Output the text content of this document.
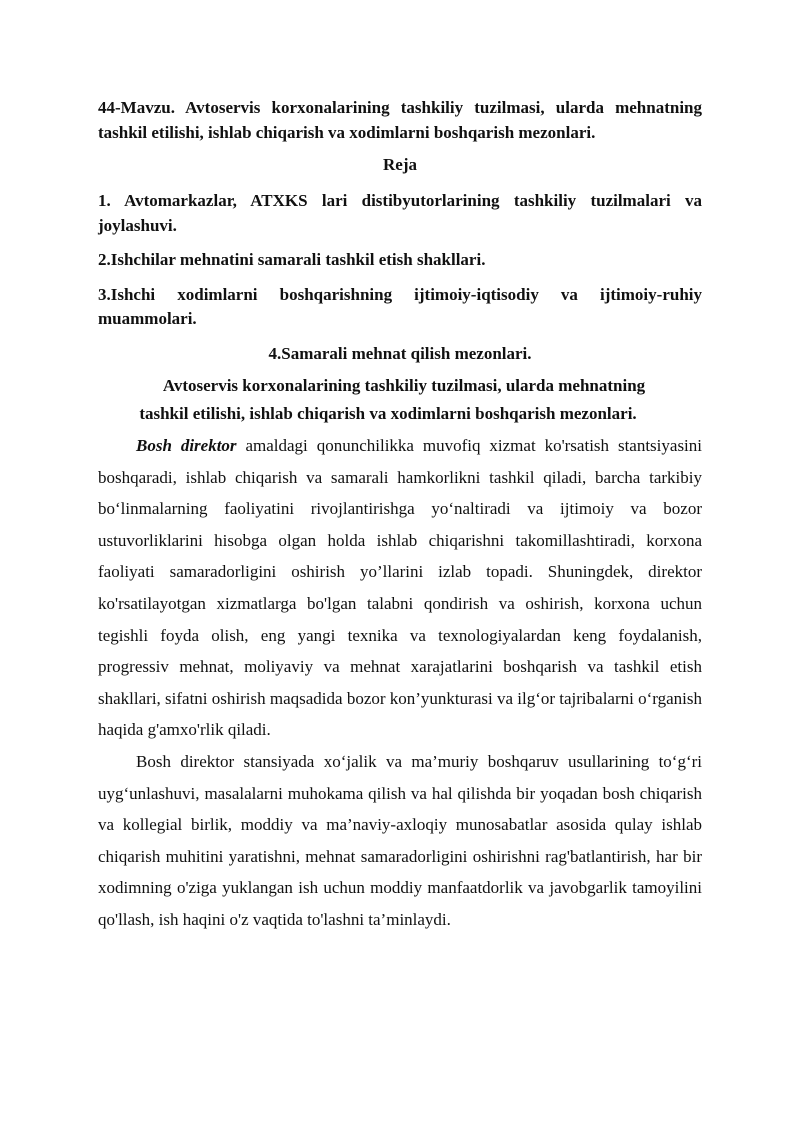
44-Mavzu. Avtoservis korxonalarining tashkiliy tuzilmasi, ularda mehnatning tashkil etilishi, ishlab chiqarish va xodimlarni boshqarish mezonlari.

Reja

1. Avtomarkazlar, ATXKS lari distibyutorlarining tashkiliy tuzilmalari va joylashuvi.

2.Ishchilar mehnatini samarali tashkil etish shakllari.

3.Ishchi xodimlarni boshqarishning ijtimoiy-iqtisodiy va ijtimoiy-ruhiy muammolari.

4.Samarali mehnat qilish mezonlari.

Avtoservis korxonalarining tashkiliy tuzilmasi, ularda mehnatning
tashkil etilishi, ishlab chiqarish va xodimlarni boshqarish mezonlari.

Bosh direktor amaldagi qonunchilikka muvofiq xizmat ko'rsatish stantsiyasini boshqaradi, ishlab chiqarish va samarali hamkorlikni tashkil qiladi, barcha tarkibiy bo‘linmalarning faoliyatini rivojlantirishga yo‘naltiradi va ijtimoiy va bozor ustuvorliklarini hisobga olgan holda ishlab chiqarishni takomillashtiradi, korxona faoliyati samaradorligini oshirish yo’llarini izlab topadi. Shuningdek, direktor ko'rsatilayotgan xizmatlarga bo'lgan talabni qondirish va oshirish, korxona uchun tegishli foyda olish, eng yangi texnika va texnologiyalardan keng foydalanish, progressiv mehnat, moliyaviy va mehnat xarajatlarini boshqarish va tashkil etish shakllari, sifatni oshirish maqsadida bozor kon’yunkturasi va ilg‘or tajribalarni o‘rganish haqida g'amxo'rlik qiladi.

Bosh direktor stansiyada xo‘jalik va ma’muriy boshqaruv usullarining to‘g‘ri uyg‘unlashuvi, masalalarni muhokama qilish va hal qilishda bir yoqadan bosh chiqarish va kollegial birlik, moddiy va ma’naviy-axloqiy munosabatlar asosida qulay ishlab chiqarish muhitini yaratishni, mehnat samaradorligini oshirishni rag'batlantirish, har bir xodimning o'ziga yuklangan ish uchun moddiy manfaatdorlik va javobgarlik tamoyilini qo'llash, ish haqini o'z vaqtida to'lashni ta’minlaydi.
